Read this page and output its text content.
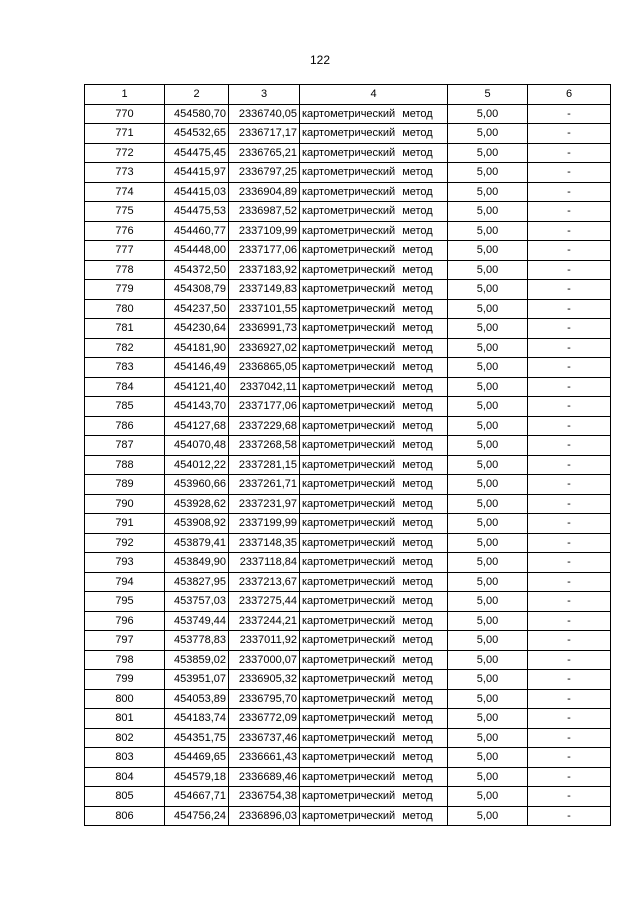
122
1	2	3	4	5	6
770	454580,70	2336740,05	картометрический метод	5,00	-
771	454532,65	2336717,17	картометрический метод	5,00	-
772	454475,45	2336765,21	картометрический метод	5,00	-
773	454415,97	2336797,25	картометрический метод	5,00	-
774	454415,03	2336904,89	картометрический метод	5,00	-
775	454475,53	2336987,52	картометрический метод	5,00	-
776	454460,77	2337109,99	картометрический метод	5,00	-
777	454448,00	2337177,06	картометрический метод	5,00	-
778	454372,50	2337183,92	картометрический метод	5,00	-
779	454308,79	2337149,83	картометрический метод	5,00	-
780	454237,50	2337101,55	картометрический метод	5,00	-
781	454230,64	2336991,73	картометрический метод	5,00	-
782	454181,90	2336927,02	картометрический метод	5,00	-
783	454146,49	2336865,05	картометрический метод	5,00	-
784	454121,40	2337042,11	картометрический метод	5,00	-
785	454143,70	2337177,06	картометрический метод	5,00	-
786	454127,68	2337229,68	картометрический метод	5,00	-
787	454070,48	2337268,58	картометрический метод	5,00	-
788	454012,22	2337281,15	картометрический метод	5,00	-
789	453960,66	2337261,71	картометрический метод	5,00	-
790	453928,62	2337231,97	картометрический метод	5,00	-
791	453908,92	2337199,99	картометрический метод	5,00	-
792	453879,41	2337148,35	картометрический метод	5,00	-
793	453849,90	2337118,84	картометрический метод	5,00	-
794	453827,95	2337213,67	картометрический метод	5,00	-
795	453757,03	2337275,44	картометрический метод	5,00	-
796	453749,44	2337244,21	картометрический метод	5,00	-
797	453778,83	2337011,92	картометрический метод	5,00	-
798	453859,02	2337000,07	картометрический метод	5,00	-
799	453951,07	2336905,32	картометрический метод	5,00	-
800	454053,89	2336795,70	картометрический метод	5,00	-
801	454183,74	2336772,09	картометрический метод	5,00	-
802	454351,75	2336737,46	картометрический метод	5,00	-
803	454469,65	2336661,43	картометрический метод	5,00	-
804	454579,18	2336689,46	картометрический метод	5,00	-
805	454667,71	2336754,38	картометрический метод	5,00	-
806	454756,24	2336896,03	картометрический метод	5,00	-
